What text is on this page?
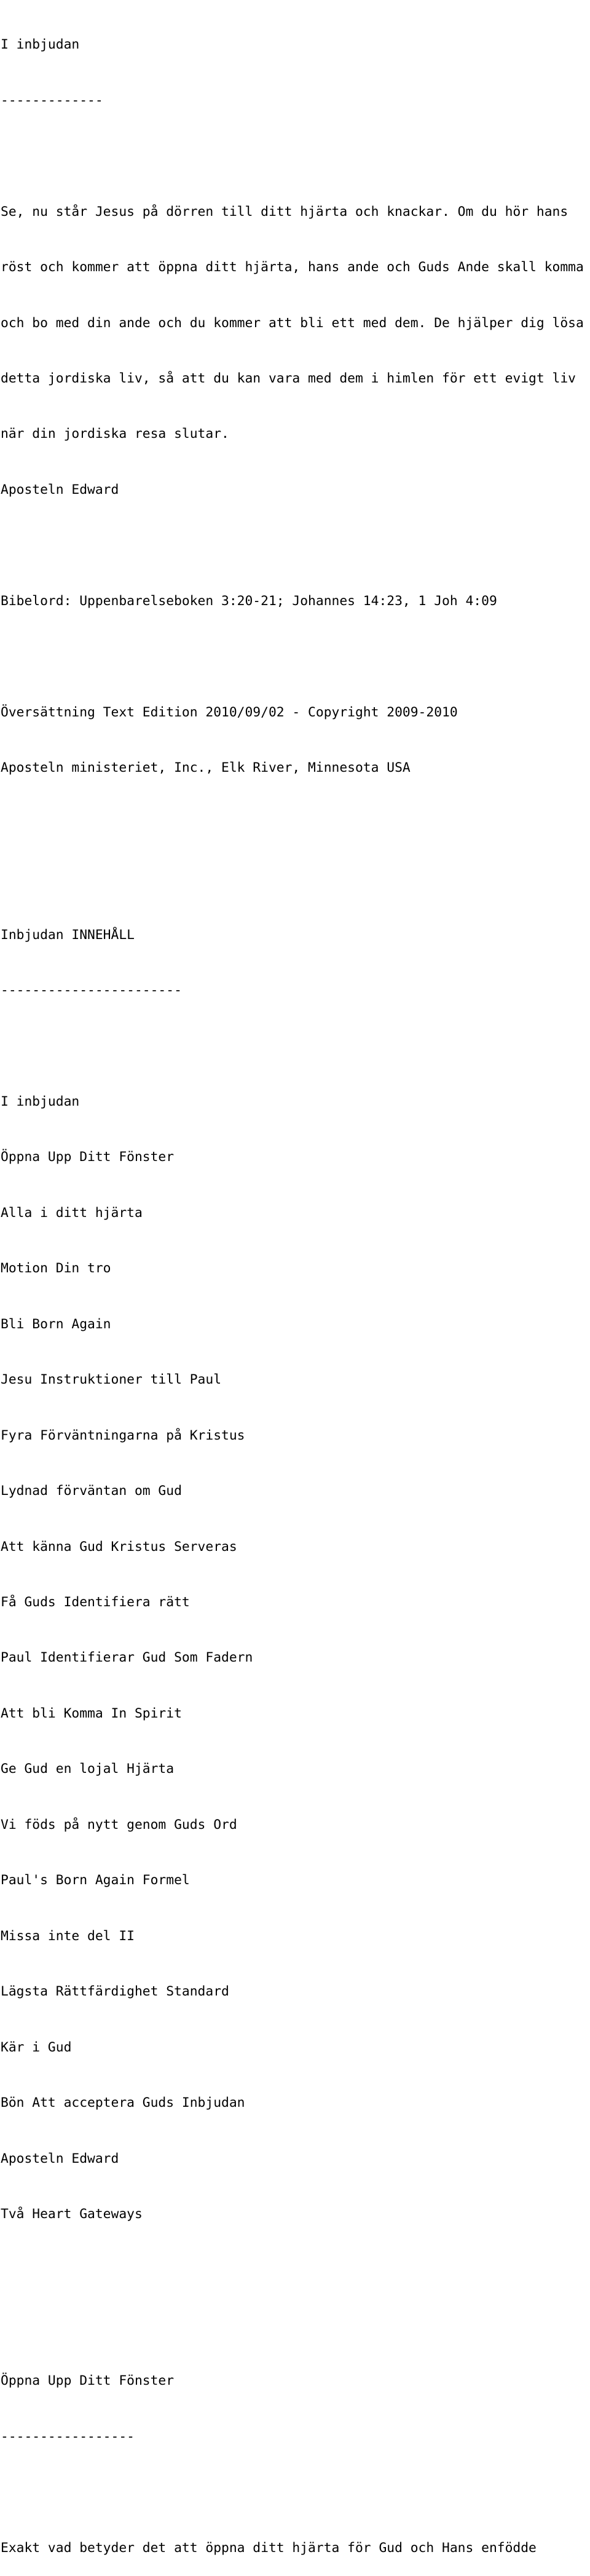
I inbjudan

-------------

Se, nu står Jesus på dörren till ditt hjärta och knackar. Om du hör hans

röst och kommer att öppna ditt hjärta, hans ande och Guds Ande skall komma

och bo med din ande och du kommer att bli ett med dem. De hjälper dig lösa

detta jordiska liv, så att du kan vara med dem i himlen för ett evigt liv

när din jordiska resa slutar.

Aposteln Edward

Bibelord: Uppenbarelseboken 3:20-21; Johannes 14:23, 1 Joh 4:09

Översättning Text Edition 2010/09/02 - Copyright 2009-2010

Aposteln ministeriet, Inc., Elk River, Minnesota USA

Inbjudan INNEHÅLL

-----------------------

I inbjudan

Öppna Upp Ditt Fönster

Alla i ditt hjärta

Motion Din tro

Bli Born Again

Jesu Instruktioner till Paul

Fyra Förväntningarna på Kristus

Lydnad förväntan om Gud

Att känna Gud Kristus Serveras

Få Guds Identifiera rätt

Paul Identifierar Gud Som Fadern

Att bli Komma In Spirit

Ge Gud en lojal Hjärta

Vi föds på nytt genom Guds Ord

Paul's Born Again Formel

Missa inte del II

Lägsta Rättfärdighet Standard

Kär i Gud

Bön Att acceptera Guds Inbjudan

Aposteln Edward

Två Heart Gateways

Öppna Upp Ditt Fönster

-----------------

Exakt vad betyder det att öppna ditt hjärta för Gud och Hans enfödde
